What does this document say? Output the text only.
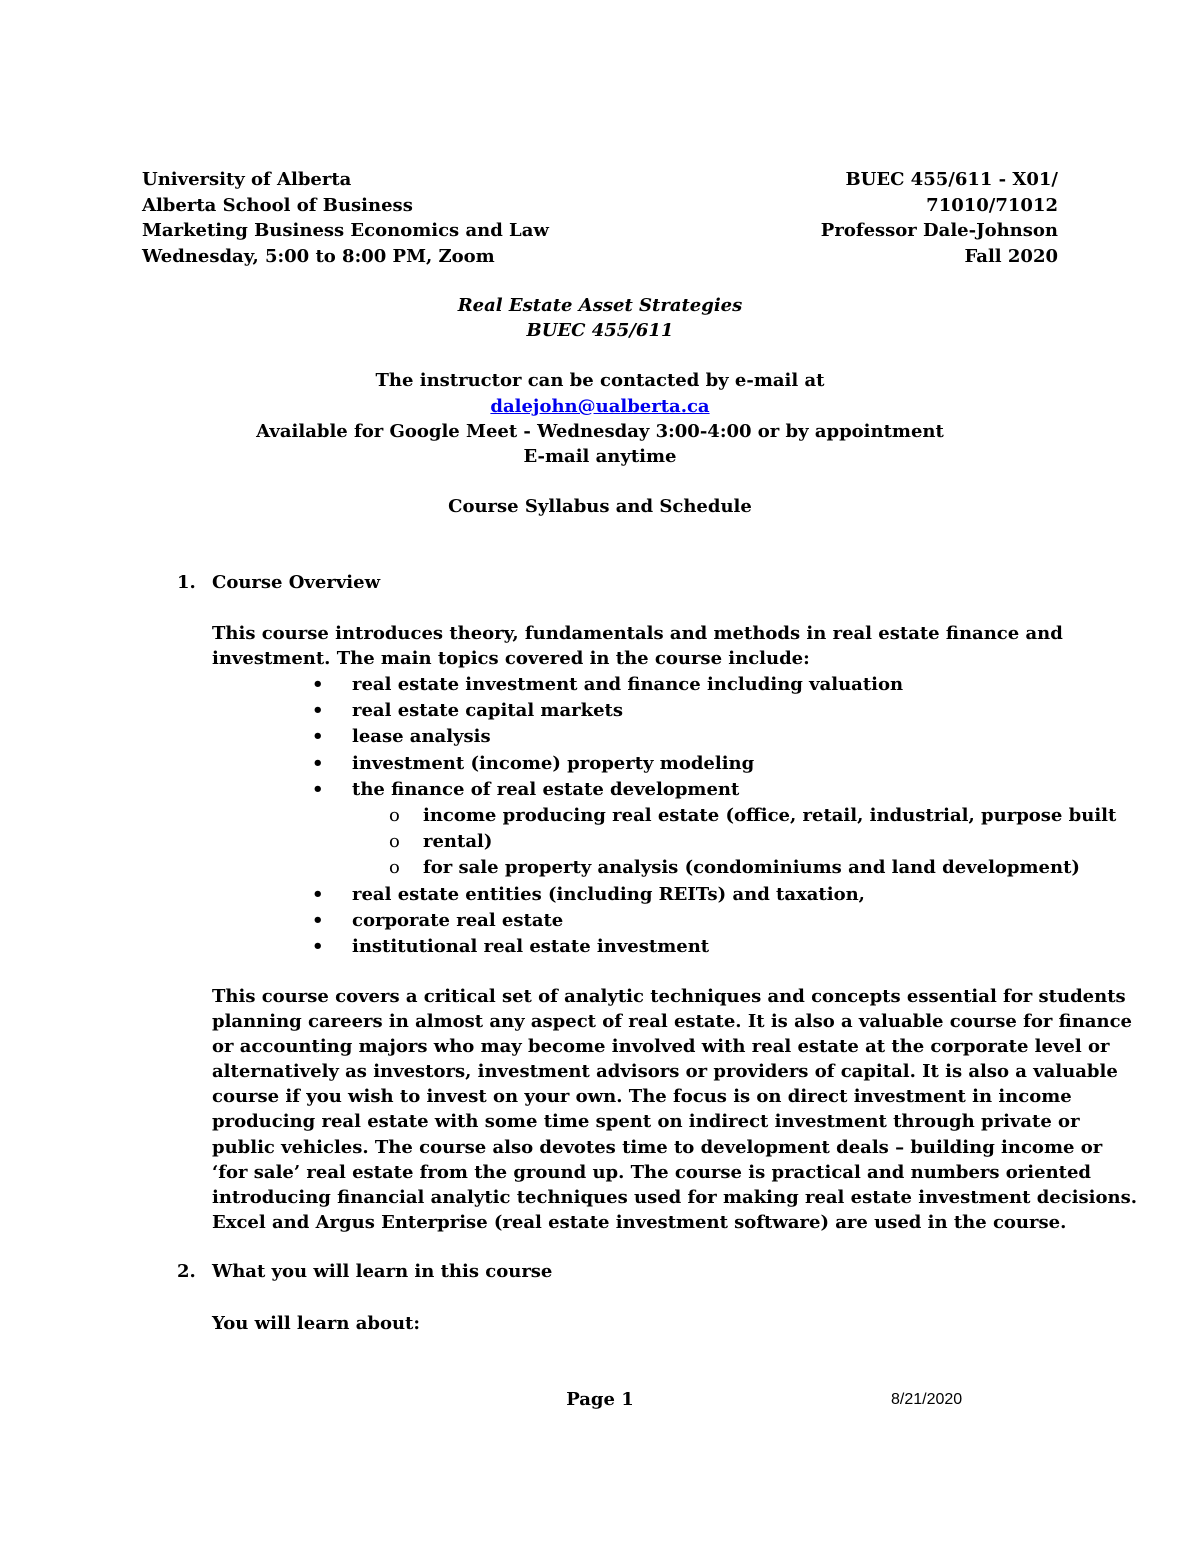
University of Alberta
Alberta School of Business
Marketing Business Economics and Law
Wednesday, 5:00 to 8:00 PM, Zoom
BUEC 455/611 - X01/
71010/71012
Professor Dale-Johnson
Fall 2020
Real Estate Asset Strategies
BUEC 455/611
The instructor can be contacted by e-mail at
dalejohn@ualberta.ca
Available for Google Meet - Wednesday 3:00-4:00 or by appointment
E-mail anytime
Course Syllabus and Schedule
1. Course Overview
This course introduces theory, fundamentals and methods in real estate finance and
investment. The main topics covered in the course include:
• real estate investment and finance including valuation
• real estate capital markets
• lease analysis
• investment (income) property modeling
• the finance of real estate development
o income producing real estate (office, retail, industrial, purpose built
o rental)
o for sale property analysis (condominiums and land development)
• real estate entities (including REITs) and taxation,
• corporate real estate
• institutional real estate investment
This course covers a critical set of analytic techniques and concepts essential for students
planning careers in almost any aspect of real estate. It is also a valuable course for finance
or accounting majors who may become involved with real estate at the corporate level or
alternatively as investors, investment advisors or providers of capital. It is also a valuable
course if you wish to invest on your own. The focus is on direct investment in income
producing real estate with some time spent on indirect investment through private or
public vehicles. The course also devotes time to development deals – building income or
‘for sale’ real estate from the ground up. The course is practical and numbers oriented
introducing financial analytic techniques used for making real estate investment decisions.
Excel and Argus Enterprise (real estate investment software) are used in the course.
2. What you will learn in this course
You will learn about:
Page 1	8/21/2020
